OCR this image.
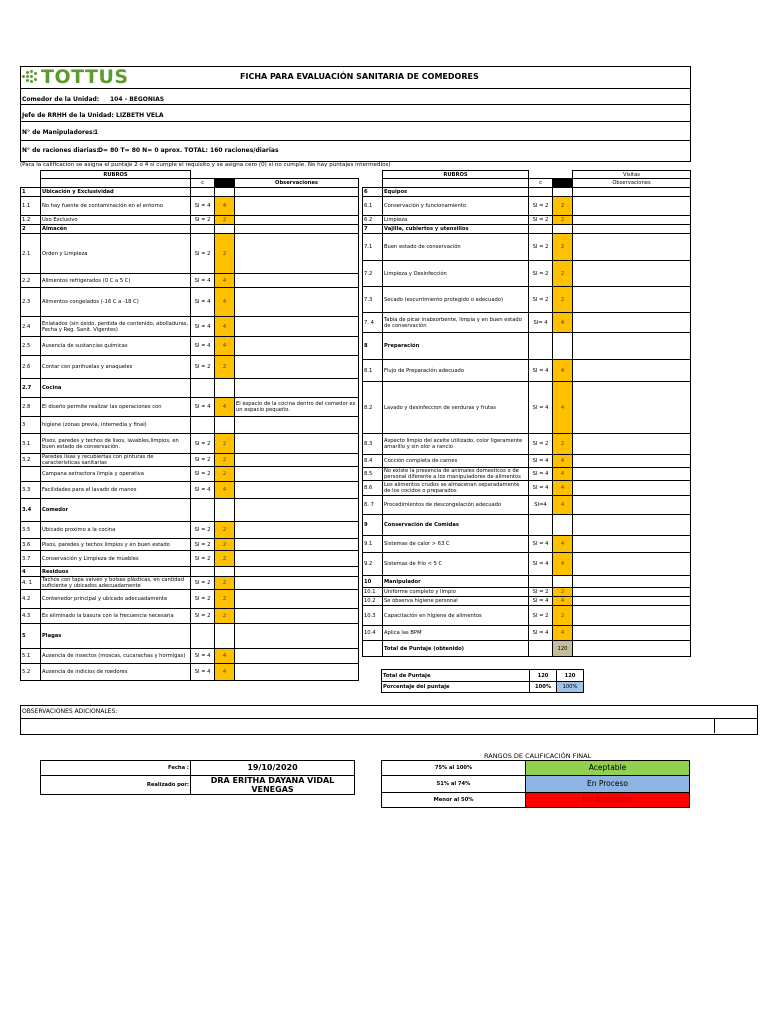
TOTTUS	FICHA PARA EVALUACIÓN SANITARIA DE COMEDORES
Comedor de la Unidad: 104 - BEGONIAS
Jefe de RRHH de la Unidad: LIZBETH VELA
N° de Manipuladores: 1
N° de raciones diarias: D= 80 T= 80 N= 0 aprox. TOTAL: 160 raciones/diarias
(Para la calificación se asigna el puntaje 2 o 4 si cumple el requisito y se asigna cero (0) si no cumple. No hay puntajes intermedios)
	RUBROS			
		c		Observaciones
1	Ubicación y Exclusividad			
1.1	No hay fuente de contaminación en el entorno	SI = 4	4	
1.2	Uso Exclusivo	SI = 2	2	
2	Almacén			
2.1	Orden y Limpieza	SI = 2	2	
2.2	Alimentos refrigerados (0 C a 5 C)	SI = 4	4	
2.3	Alimentos congelados (-16 C a -18 C)	SI = 4	4	
2.4	Enlatados (sin óxido, perdida de contenido, abolladuras, Fecha y Reg. Sanit. Vigentes)	SI = 4	4	
2.5	Ausencia de sustancias químicas	SI = 4	4	
2.6	Contar con parihuelas y anaqueles	SI = 2	2	
2.7	Cocina			
2.8	El diseño permite realizar las operaciones con	SI = 4	4	El espacio de la cocina dentro del comedor es un espacio pequeño.
3	higiene (zonas previa, intemedia y final)			
3.1	Pisos, paredes y techos de lisos, lavables,limpios, en buen estado de conservación.	SI = 2	2	
3.2	Paredes lisas y recubiertas con pinturas de caracteristicas sanitarias	SI = 2	2	
	Campana extractora limpia y operativa	SI = 2	2	
3.3	Facilidades para el lavado de manos	SI = 4	4	
3.4	Comedor			
3.5	Ubicado proximo a la cocina	SI = 2	2	
3.6	Pisos, paredes y techos limpios y en buen estado	SI = 2	2	
3.7	Conservación y Limpieza de muebles	SI = 2	2	
4	Residuos			
4. 1	Tachos con tapa vaivén y bolsas plásticas, en cantidad suficiente y ubicados adecuadamente	SI = 2	2	
4.2	Contenedor principal y ubicado adecuadamente	SI = 2	2	
4.3	Es eliminado la basura con la frecuencia necesaria	SI = 2	2	
5	Plagas			
5.1	Ausencia de insectos (moscas, cucarachas y hormigas)	SI = 4	4	
5.2	Ausencia de indicios de roedores	SI = 4	4	
	RUBROS			Visitas
		c		Observaciones
6	Equipos			
6.1	Conservación y funcionamiento	SI = 2	2	
6.2	Limpieza	SI = 2	2	
7	Vajilla, cubiertos y utensilios			
7.1	Buen estado de conservación	SI = 2	2	
7.2	Limpieza y Desinfección	SI = 2	2	
7.3	Secado (escurrimiento protegido o adecuado)	SI = 2	2	
7. 4	Tabla de picar inabsorbente, limpia y en buen estado de conservación	SI= 4	4	
8	Preparación			
8.1	Flujo de Preparación adecuado	SI = 4	4	
8.2	Lavado y desinfeccion de verduras y frutas	SI = 4	4	
8.3	Aspecto limpio del aceite utilizado, color ligeramente amarillo y sin olor a rancio	SI = 2	2	
8.4	Cocción completa de carnes	SI = 4	4	
8.5	No existe la presencia de animales domesticos o de personal diferente a los manipuladores de alimentos	SI = 4	4	
8.6	Los alimentos crudos se almacenan separadamente de los cocidos o preparados	SI = 4	4	
8. 7	Procedimientos de descongelación adecuado	SI=4	4	
9	Conservación de Comidas			
9.1	Sistemas de calor > 63 C	SI = 4	4	
9.2	Sistemas de frío < 5 C	SI = 4	4	
10	Manipulador			
10.1	Uniforme completo y limpio	SI = 2	2	
10.2	Se observa higiene personal	SI = 4	4	
10.3	Capacitación en higiene de alimentos	SI = 2	2	
10.4	Aplica las BPM	SI = 4	4	
	Total de Puntaje (obtenido)		120	
Total de Puntaje	120	120
Porcentaje del puntaje	100%	100%
OBSERVACIONES ADICIONALES:
Fecha :	19/10/2020
Realizado por:	DRA ERITHA DAYANA VIDAL VENEGAS
RANGOS DE CALIFICACIÓN FINAL
75% al 100%	Aceptable
51% al 74%	En Proceso
Menor al 50%	No Aceptable
